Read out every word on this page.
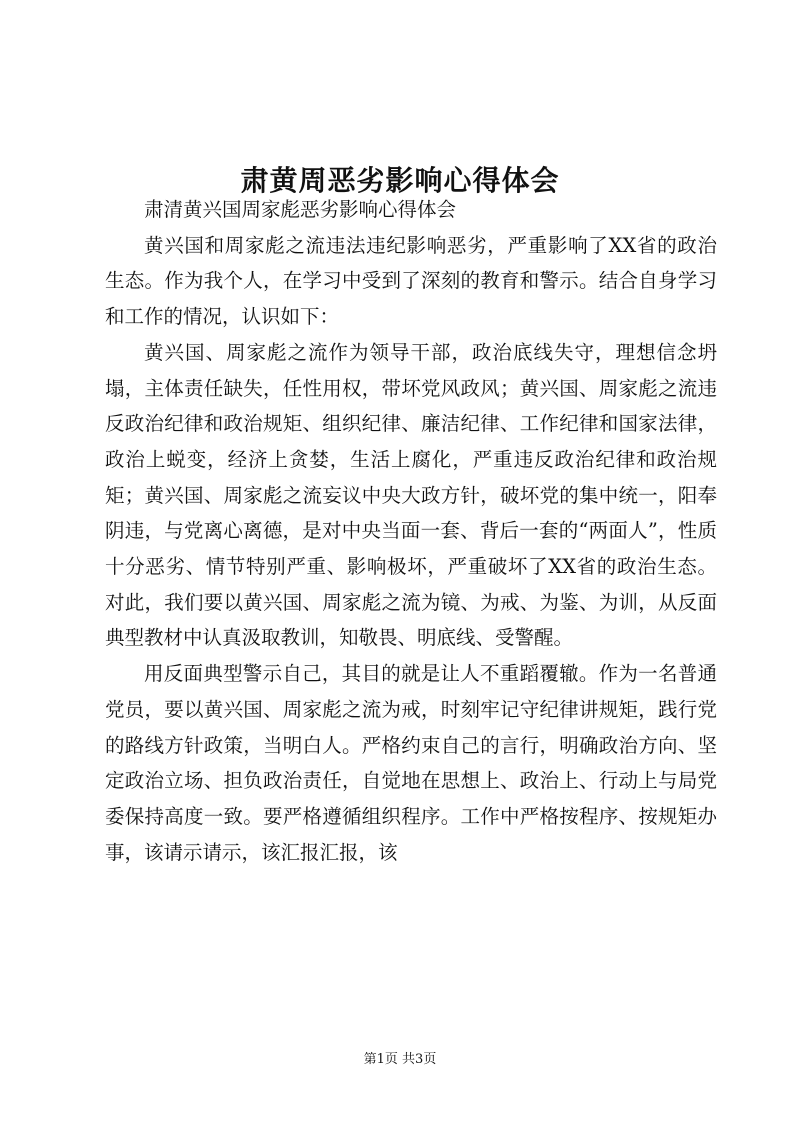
肃黄周恶劣影响心得体会

肃清黄兴国周家彪恶劣影响心得体会

黄兴国和周家彪之流违法违纪影响恶劣，严重影响了XX省的政治生态。作为我个人，在学习中受到了深刻的教育和警示。结合自身学习和工作的情况，认识如下：

黄兴国、周家彪之流作为领导干部，政治底线失守，理想信念坍塌，主体责任缺失，任性用权，带坏党风政风；黄兴国、周家彪之流违反政治纪律和政治规矩、组织纪律、廉洁纪律、工作纪律和国家法律，政治上蜕变，经济上贪婪，生活上腐化，严重违反政治纪律和政治规矩；黄兴国、周家彪之流妄议中央大政方针，破坏党的集中统一，阳奉阴违，与党离心离德，是对中央当面一套、背后一套的“两面人”，性质十分恶劣、情节特别严重、影响极坏，严重破坏了XX省的政治生态。对此，我们要以黄兴国、周家彪之流为镜、为戒、为鉴、为训，从反面典型教材中认真汲取教训，知敬畏、明底线、受警醒。

用反面典型警示自己，其目的就是让人不重蹈覆辙。作为一名普通党员，要以黄兴国、周家彪之流为戒，时刻牢记守纪律讲规矩，践行党的路线方针政策，当明白人。严格约束自己的言行，明确政治方向、坚定政治立场、担负政治责任，自觉地在思想上、政治上、行动上与局党委保持高度一致。要严格遵循组织程序。工作中严格按程序、按规矩办事，该请示请示，该汇报汇报，该

第1页 共3页
